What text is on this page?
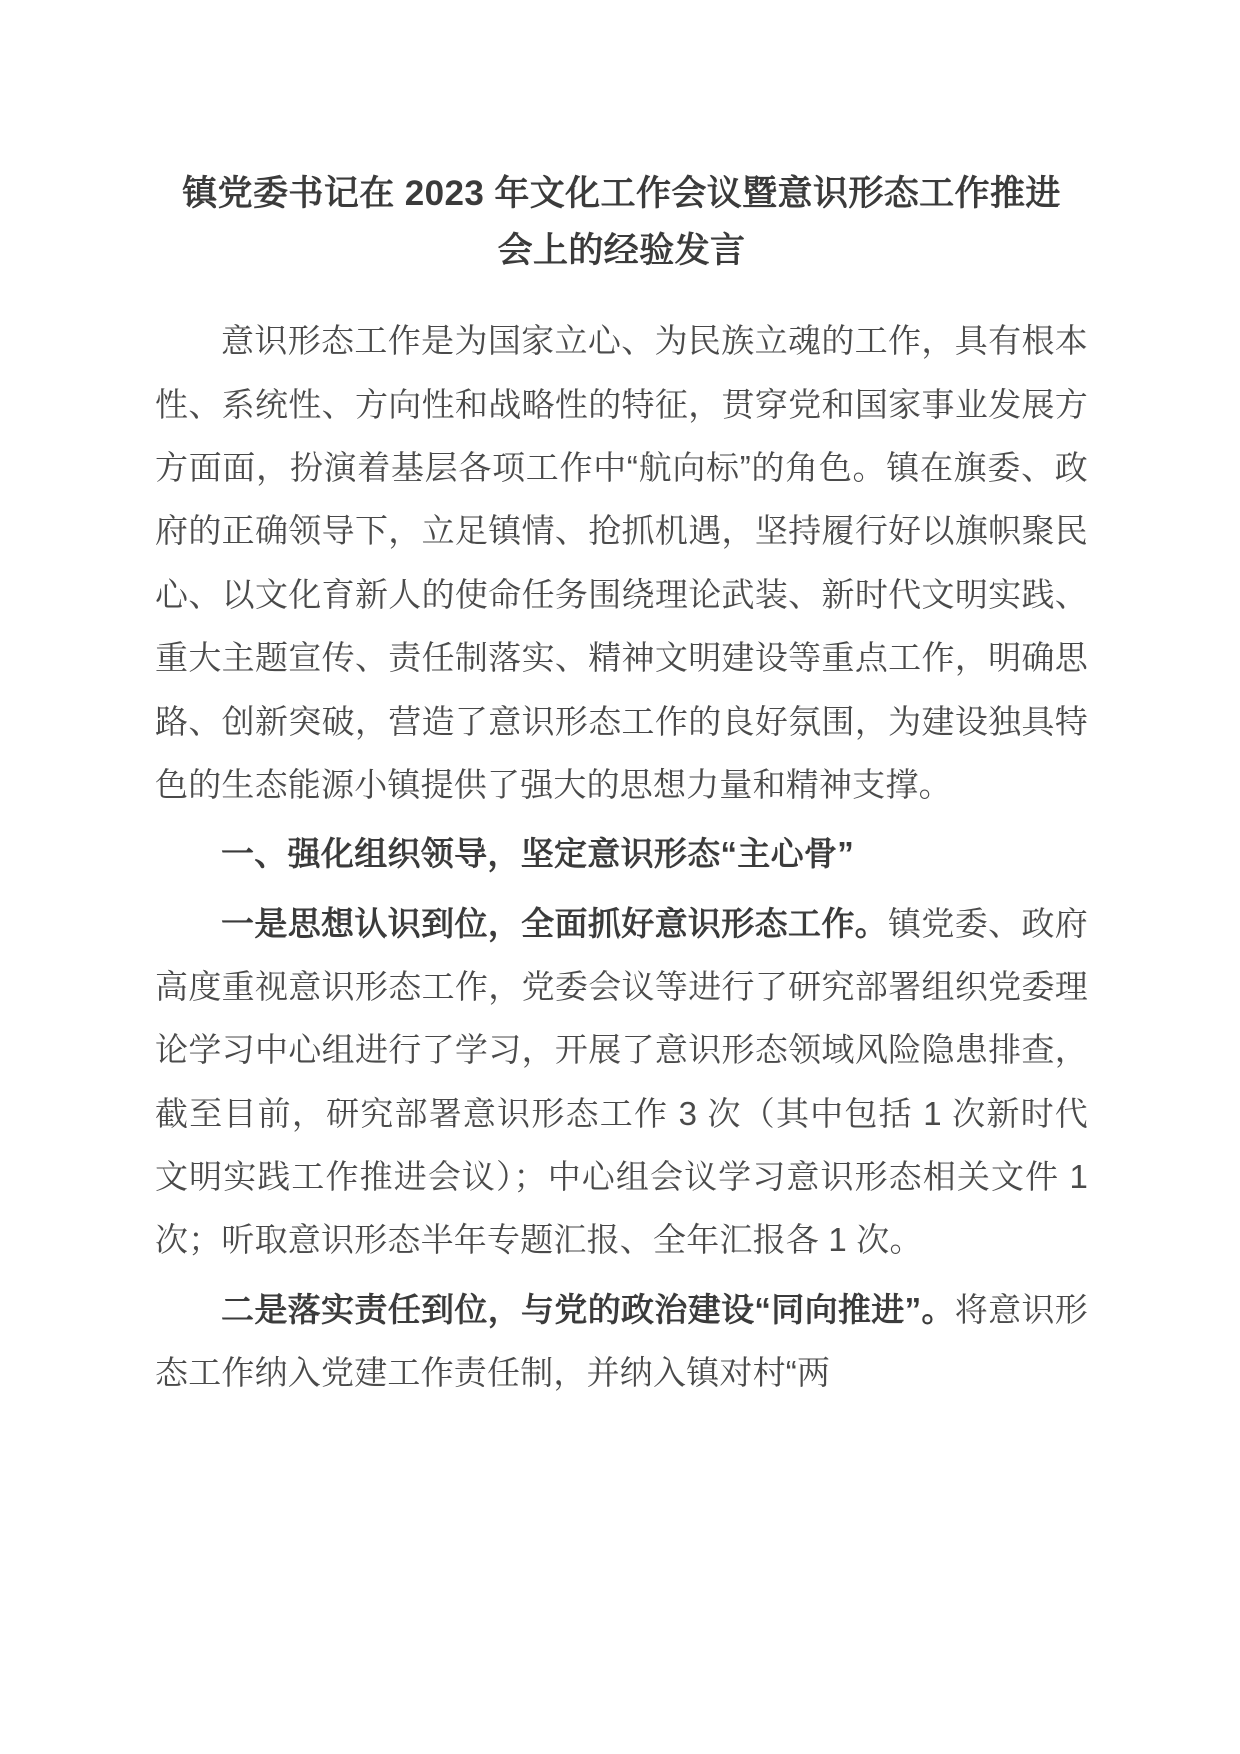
镇党委书记在 2023 年文化工作会议暨意识形态工作推进
会上的经验发言

意识形态工作是为国家立心、为民族立魂的工作，具有根本性、系统性、方向性和战略性的特征，贯穿党和国家事业发展方方面面，扮演着基层各项工作中“航向标”的角色。镇在旗委、政府的正确领导下，立足镇情、抢抓机遇，坚持履行好以旗帜聚民心、以文化育新人的使命任务围绕理论武装、新时代文明实践、重大主题宣传、责任制落实、精神文明建设等重点工作，明确思路、创新突破，营造了意识形态工作的良好氛围，为建设独具特色的生态能源小镇提供了强大的思想力量和精神支撑。

一、强化组织领导，坚定意识形态“主心骨”

一是思想认识到位，全面抓好意识形态工作。镇党委、政府高度重视意识形态工作，党委会议等进行了研究部署组织党委理论学习中心组进行了学习，开展了意识形态领域风险隐患排查，截至目前，研究部署意识形态工作 3 次（其中包括 1 次新时代文明实践工作推进会议）；中心组会议学习意识形态相关文件 1 次；听取意识形态半年专题汇报、全年汇报各 1 次。

二是落实责任到位，与党的政治建设“同向推进”。将意识形态工作纳入党建工作责任制，并纳入镇对村“两
